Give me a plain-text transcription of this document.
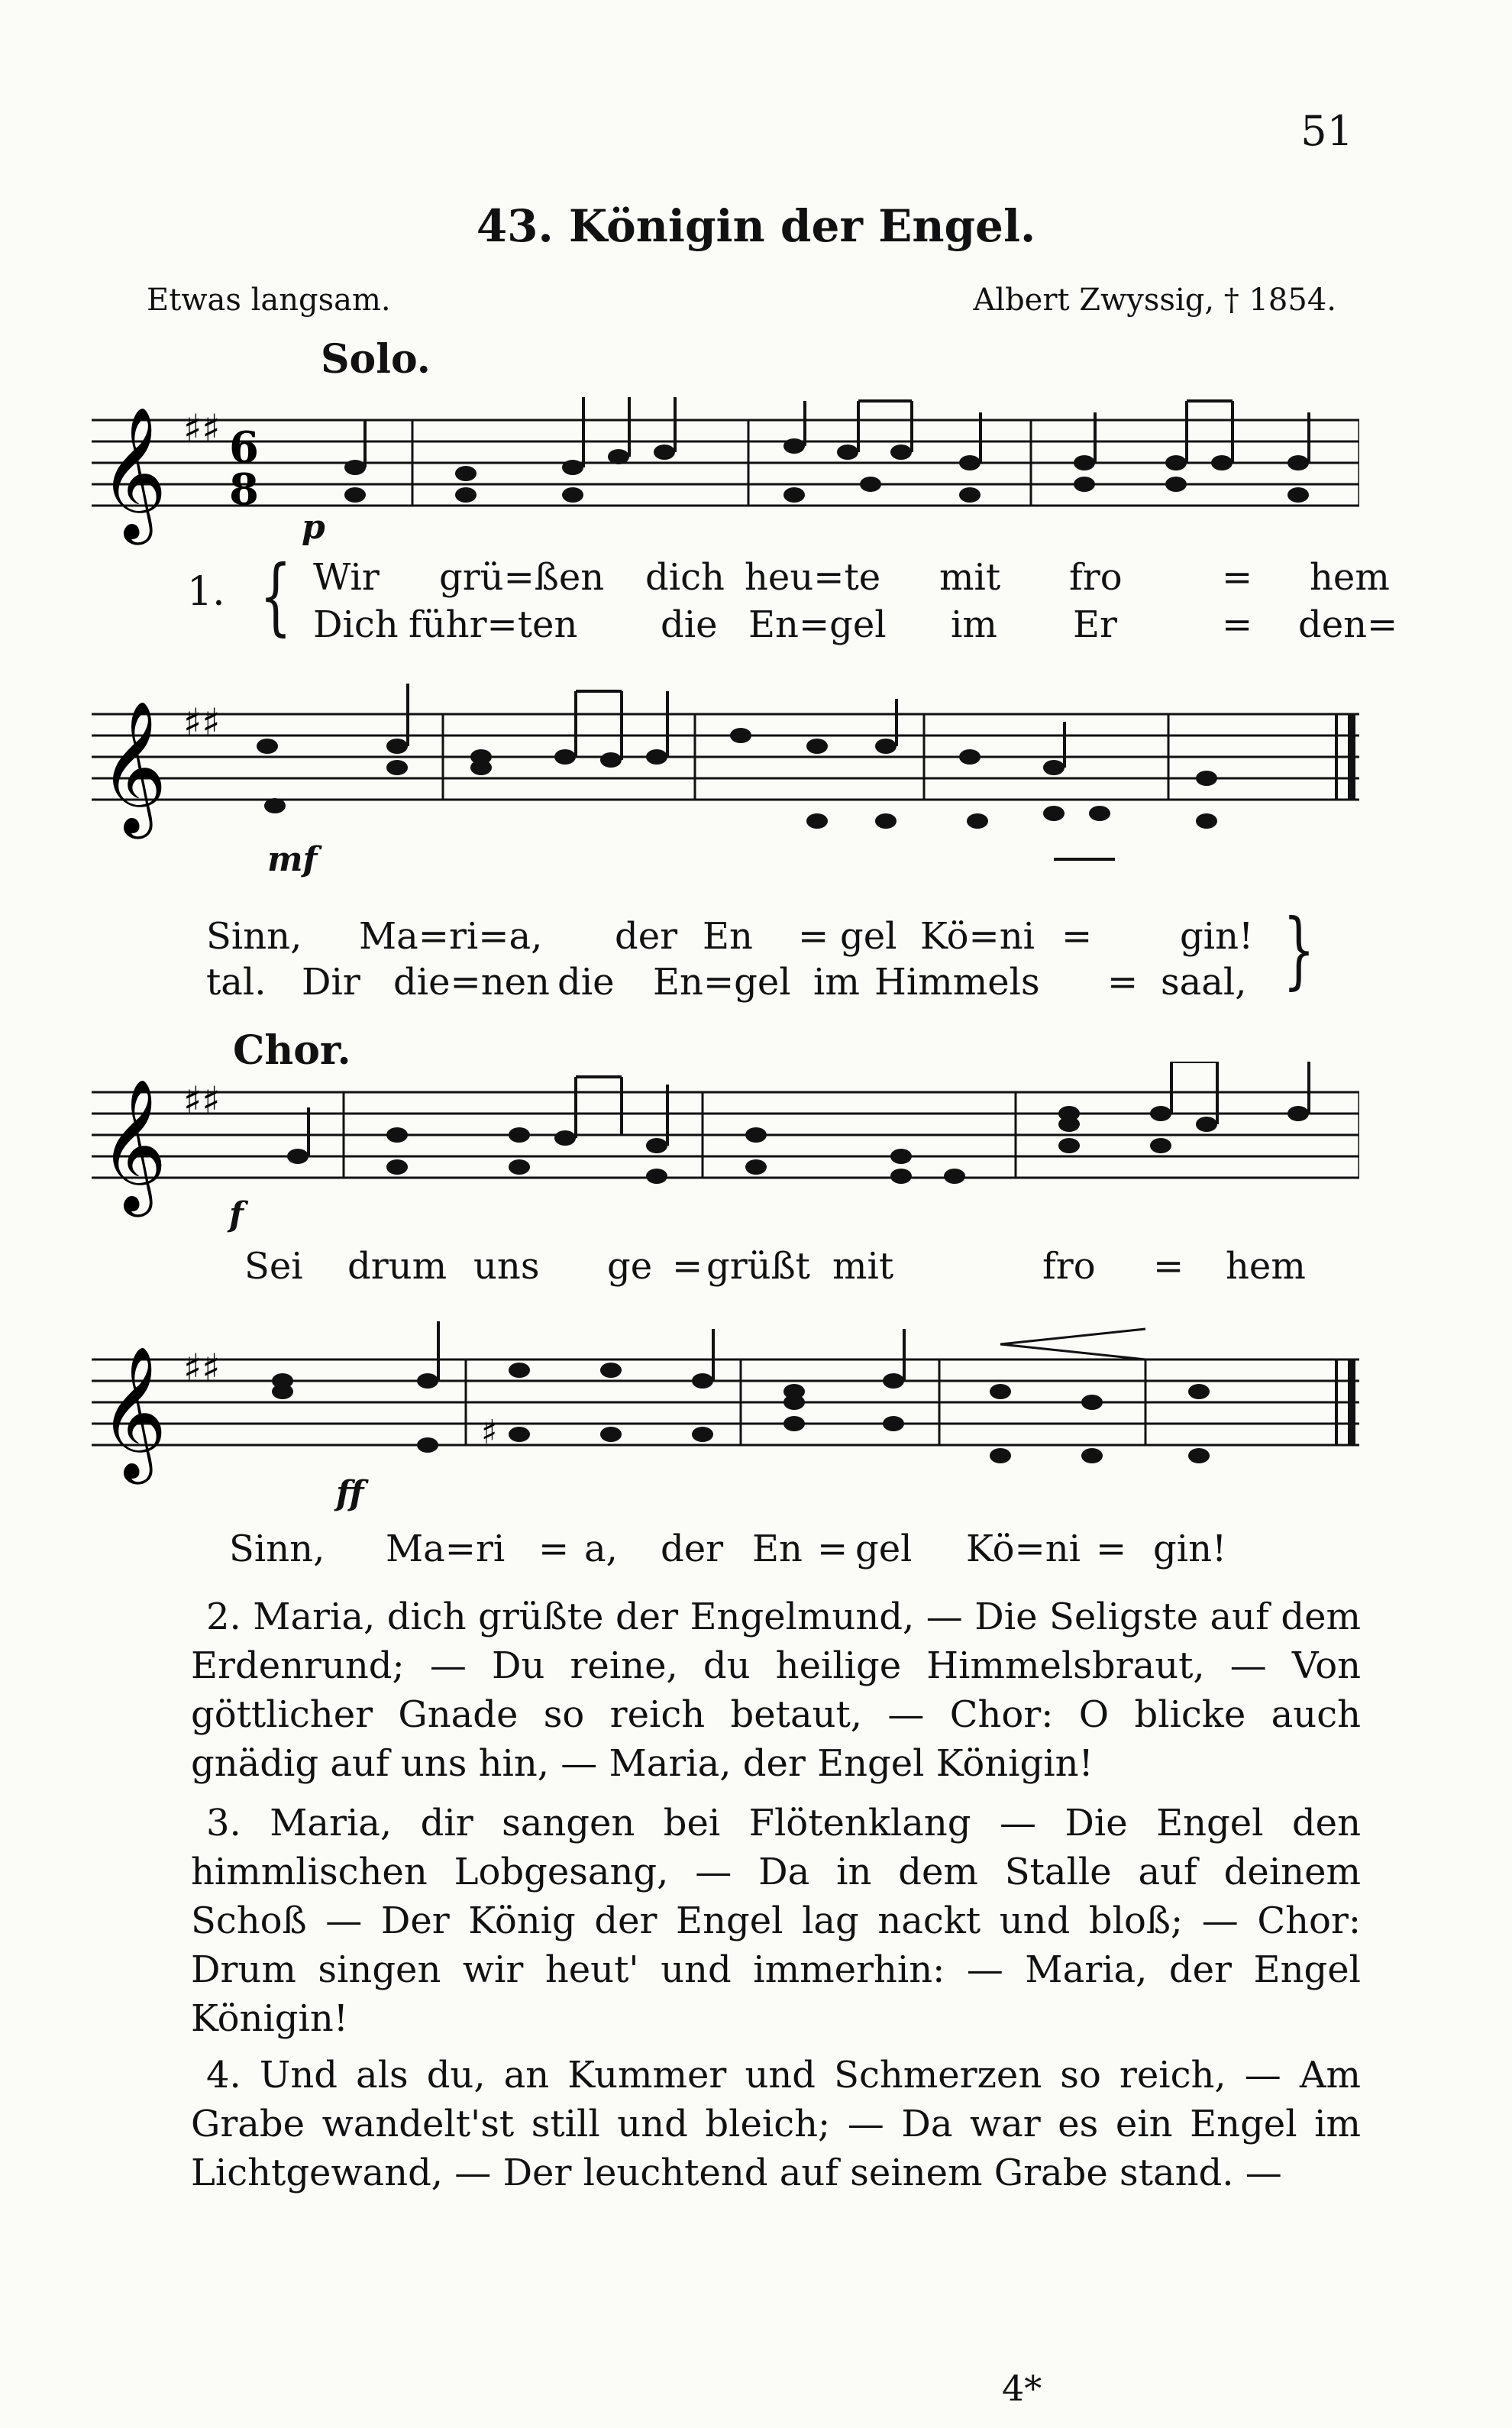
51
43. Königin der Engel.
Etwas langsam.	Albert Zwyssig, † 1854.
Solo.
𝄞 ♯♯ 6
8
p
1. { Wir grü=ßen dich heu=te mit fro	= hem
Dich führ=ten die En=gel im Er	= den=
𝄞 ♯♯
mf
Sinn, Ma=ri=a, der En = gel Kö=ni = gin!
tal. Dir die=nen die En=gel im Himmels = saal, }
Chor.
𝄞 ♯♯
f
Sei drum uns ge = grüßt mit	fro = hem
𝄞 ♯♯
♯
ff
Sinn, Ma=ri = a, der En = gel Kö=ni = gin!
2. Maria, dich grüßte der Engelmund, — Die Seligste auf dem Erdenrund; — Du reine, du heilige Himmelsbraut, — Von göttlicher Gnade so reich betaut, — Chor: O blicke auch gnädig auf uns hin, — Maria, der Engel Königin!
3. Maria, dir sangen bei Flötenklang — Die Engel den himmlischen Lobgesang, — Da in dem Stalle auf deinem Schoß — Der König der Engel lag nackt und bloß; — Chor: Drum singen wir heut' und immerhin: — Maria, der Engel Königin!
4. Und als du, an Kummer und Schmerzen so reich, — Am Grabe wandelt'st still und bleich; — Da war es ein Engel im Lichtgewand, — Der leuchtend auf seinem Grabe stand. —
4*
